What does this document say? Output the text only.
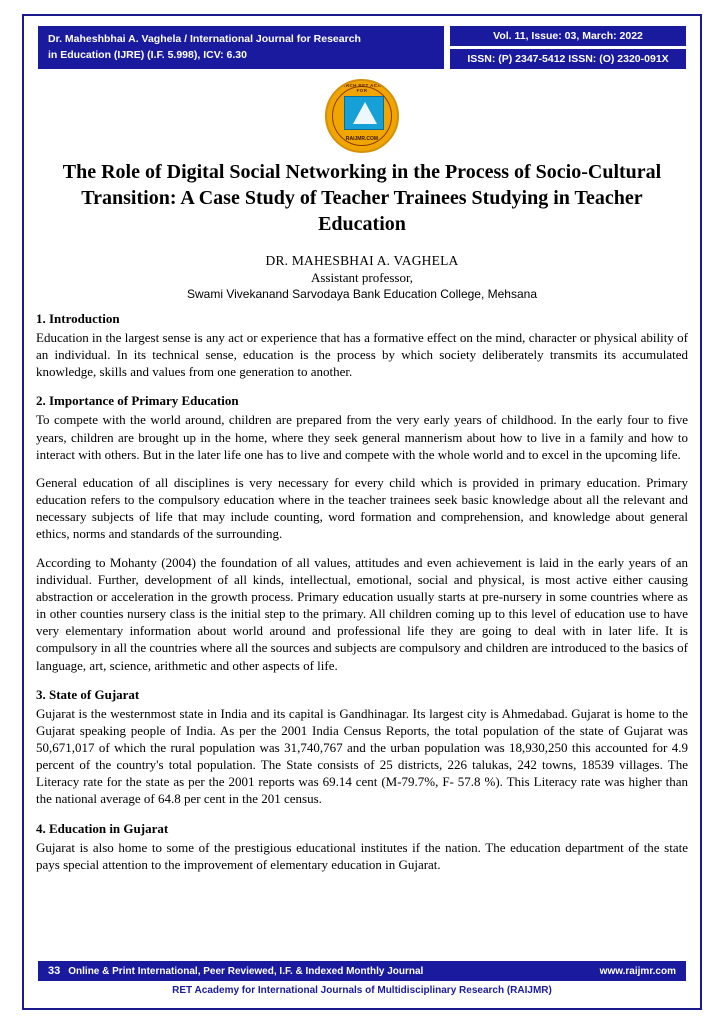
Dr. Maheshbhai A. Vaghela / International Journal for Research
in Education (IJRE) (I.F. 5.998), ICV: 6.30
Vol. 11, Issue: 03, March: 2022
ISSN: (P) 2347-5412 ISSN: (O) 2320-091X
RESEARCH RET ACADEMY FOR
RAIJMR.COM
The Role of Digital Social Networking in the Process of Socio-Cultural Transition: A Case Study of Teacher Trainees Studying in Teacher Education
DR. MAHESBHAI A. VAGHELA
Assistant professor,
Swami Vivekanand Sarvodaya Bank Education College, Mehsana
1. Introduction

Education in the largest sense is any act or experience that has a formative effect on the mind, character or physical ability of an individual. In its technical sense, education is the process by which society deliberately transmits its accumulated knowledge, skills and values from one generation to another.

2. Importance of Primary Education

To compete with the world around, children are prepared from the very early years of childhood. In the early four to five years, children are brought up in the home, where they seek general mannerism about how to live in a family and how to interact with others. But in the later life one has to live and compete with the whole world and to excel in the upcoming life.

General education of all disciplines is very necessary for every child which is provided in primary education. Primary education refers to the compulsory education where in the teacher trainees seek basic knowledge about all the relevant and necessary subjects of life that may include counting, word formation and comprehension, and knowledge about general ethics, norms and standards of the surrounding.

According to Mohanty (2004) the foundation of all values, attitudes and even achievement is laid in the early years of an individual. Further, development of all kinds, intellectual, emotional, social and physical, is most active either causing abstraction or acceleration in the growth process. Primary education usually starts at pre-nursery in some countries where as in other counties nursery class is the initial step to the primary. All children coming up to this level of education use to have very elementary information about world around and professional life they are going to deal with in later life. It is compulsory in all the countries where all the sources and subjects are compulsory and children are introduced to the basics of language, art, science, arithmetic and other aspects of life.

3. State of Gujarat

Gujarat is the westernmost state in India and its capital is Gandhinagar. Its largest city is Ahmedabad. Gujarat is home to the Gujarat speaking people of India. As per the 2001 India Census Reports, the total population of the state of Gujarat was 50,671,017 of which the rural population was 31,740,767 and the urban population was 18,930,250 this accounted for 4.9 percent of the country's total population. The State consists of 25 districts, 226 talukas, 242 towns, 18539 villages. The Literacy rate for the state as per the 2001 reports was 69.14 cent (M-79.7%, F- 57.8 %). This Literacy rate was higher than the national average of 64.8 per cent in the 201 census.

4. Education in Gujarat

Gujarat is also home to some of the prestigious educational institutes if the nation. The education department of the state pays special attention to the improvement of elementary education in Gujarat.

33 Online & Print International, Peer Reviewed, I.F. & Indexed Monthly Journal	www.raijmr.com
RET Academy for International Journals of Multidisciplinary Research (RAIJMR)
